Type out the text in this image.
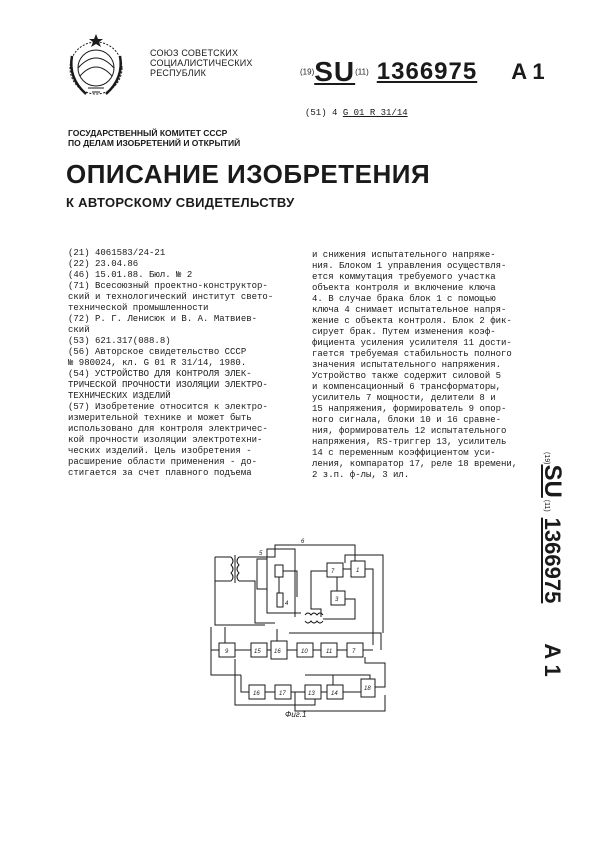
СОЮЗ СОВЕТСКИХ
СОЦИАЛИСТИЧЕСКИХ
РЕСПУБЛИК	(19)SU(11) 1366975 A 1
(51) 4 G 01 R 31/14
ГОСУДАРСТВЕННЫЙ КОМИТЕТ СССР
ПО ДЕЛАМ ИЗОБРЕТЕНИЙ И ОТКРЫТИЙ
ОПИСАНИЕ ИЗОБРЕТЕНИЯ
К АВТОРСКОМУ СВИДЕТЕЛЬСТВУ
(21) 4061583/24-21
(22) 23.04.86
(46) 15.01.88. Бюл. № 2
(71) Всесоюзный проектно-конструктор-
ский и технологический институт свето-
технической промышленности
(72) Р. Г. Ленисюк и В. А. Матвиев-
ский
(53) 621.317(088.8)
(56) Авторское свидетельство СССР
№ 980024, кл. G 01 R 31/14, 1980.
(54) УСТРОЙСТВО ДЛЯ КОНТРОЛЯ ЭЛЕК-
ТРИЧЕСКОЙ ПРОЧНОСТИ ИЗОЛЯЦИИ ЭЛЕКТРО-
ТЕХНИЧЕСКИХ ИЗДЕЛИЙ
(57) Изобретение относится к электро-
измерительной технике и может быть
использовано для контроля электричес-
кой прочности изоляции электротехни-
ческих изделий. Цель изобретения -
расширение области применения - до-
стигается за счет плавного подъема
и снижения испытательного напряже-
ния. Блоком 1 управления осуществля-
ется коммутация требуемого участка
объекта контроля и включение ключа
4. В случае брака блок 1 с помощью
ключа 4 снимает испытательное напря-
жение с объекта контроля. Блок 2 фик-
сирует брак. Путем изменения коэф-
фициента усиления усилителя 11 дости-
гается требуемая стабильность полного
значения испытательного напряжения.
Устройство также содержит силовой 5
и компенсационный 6 трансформаторы,
усилитель 7 мощности, делители 8 и
15 напряжения, формирователь 9 опор-
ного сигнала, блоки 10 и 16 сравне-
ния, формирователь 12 испытательного
напряжения, RS-триггер 13, усилитель
14 с переменным коэффициентом уси-
ления, компаратор 17, реле 18 времени,
2 з.п. ф-лы, 3 ил.
(19)SU (11)1366975A 1
7	1
3
6
9	15 16	10	11	7
16	17	13	14
18
5
4
Фиг.1
